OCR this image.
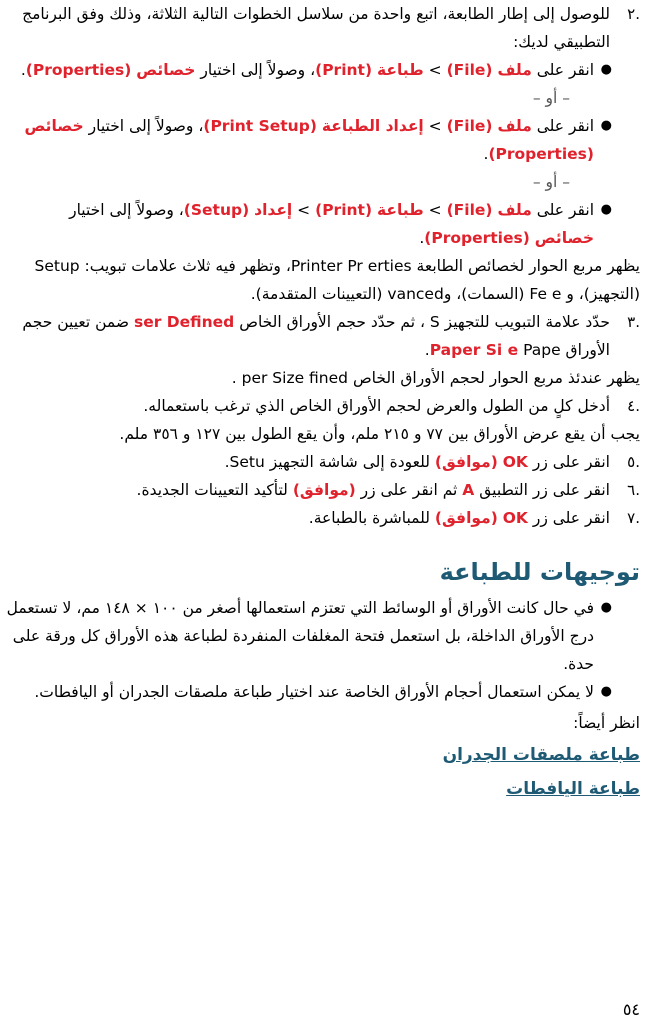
.٢
للوصول إلى إطار الطابعة، اتبع واحدة من سلاسل الخطوات التالية الثلاثة، وذلك وفق البرنامج التطبيقي لديك:
●
انقر على ملف (File) > طباعة (Print)، وصولاً إلى اختيار خصائص (Properties).
– أو –
●
انقر على ملف (File) > إعداد الطباعة (Print Setup)، وصولاً إلى اختيار خصائص (Properties).
– أو –
●
انقر على ملف (File) > طباعة (Print) > إعداد (Setup)، وصولاً إلى اختيار خصائص (Properties).

يظهر مربع الحوار لخصائص الطابعة Printer Pr erties، وتظهر فيه ثلاث علامات تبويب: Setup (التجهيز)، و Fe e (السمات)، وvanced (التعيينات المتقدمة).

.٣
حدّد علامة التبويب للتجهيز S ، ثم حدّد حجم الأوراق الخاص ser Defined ضمن تعيين حجم الأوراق Paper Si e Pape.

يظهر عندئذ مربع الحوار لحجم الأوراق الخاص per Size fined .

.٤
أدخل كلٍ من الطول والعرض لحجم الأوراق الخاص الذي ترغب باستعماله.

يجب أن يقع عرض الأوراق بين ٧٧ و ٢١٥ ملم، وأن يقع الطول بين ١٢٧ و ٣٥٦ ملم.

.٥
انقر على زر OK (موافق) للعودة إلى شاشة التجهيز Setu.
.٦
انقر على زر التطبيق A ثم انقر على زر (موافق) لتأكيد التعيينات الجديدة.
.٧
انقر على زر OK (موافق) للمباشرة بالطباعة.
توجيهات للطباعة
●
في حال كانت الأوراق أو الوسائط التي تعتزم استعمالها أصغر من ١٠٠ × ١٤٨ مم، لا تستعمل درج الأوراق الداخلة، بل استعمل فتحة المغلفات المنفردة لطباعة هذه الأوراق كل ورقة على حدة.
●
لا يمكن استعمال أحجام الأوراق الخاصة عند اختيار طباعة ملصقات الجدران أو اليافطات.
انظر أيضاً:
طباعة ملصقات الجدران
طباعة اليافطات
٥٤
